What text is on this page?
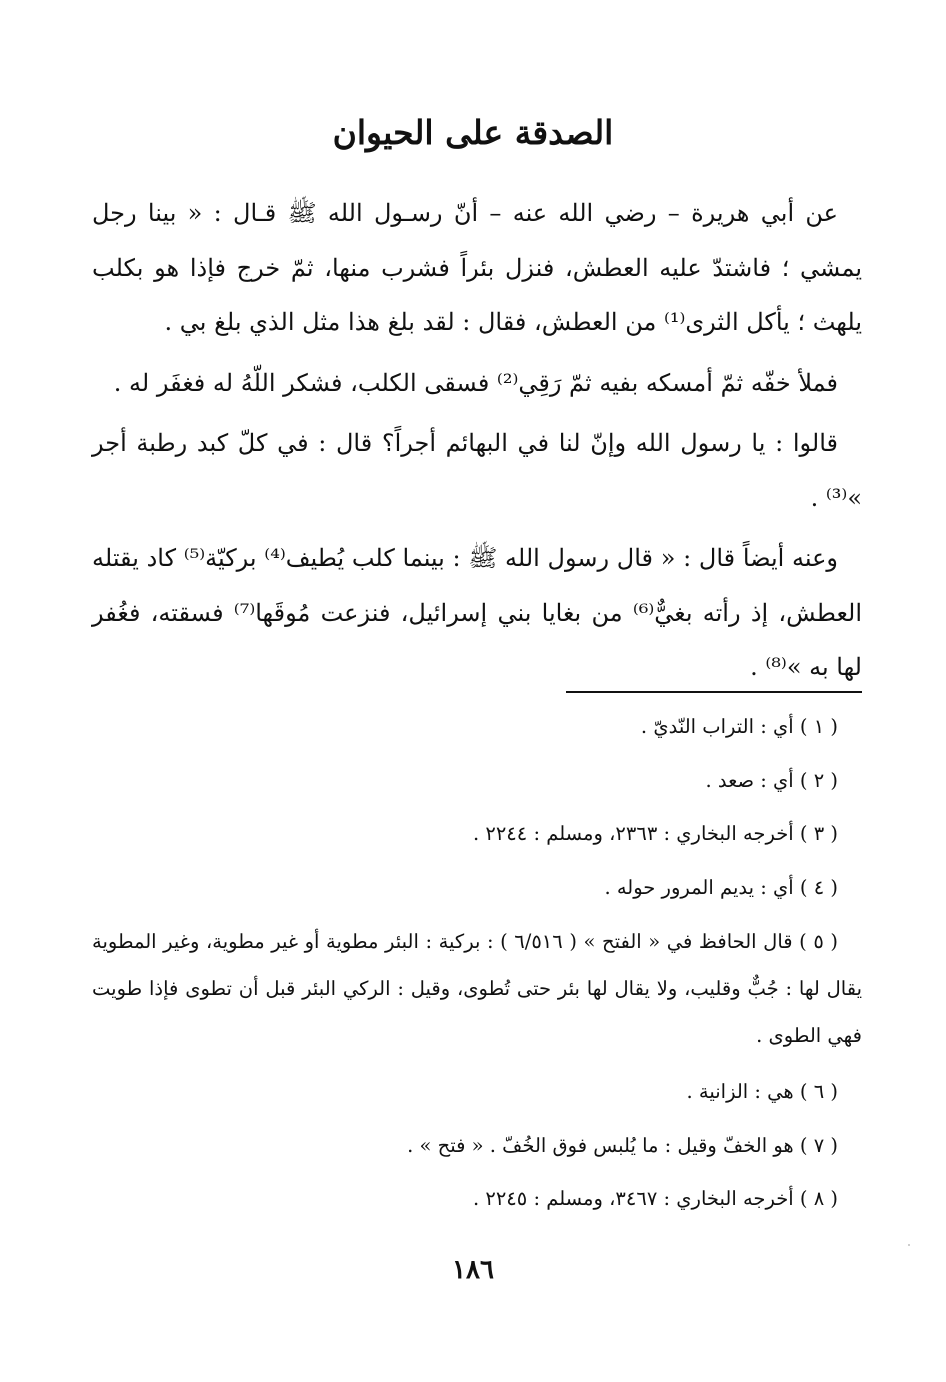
الصدقة على الحيوان

عن أبي هريرة – رضي الله عنه – أنّ رسـول الله ﷺ قـال : « بينا رجل يمشي ؛ فاشتدّ عليه العطش، فنزل بئراً فشرب منها، ثمّ خرج فإذا هو بكلب يلهث ؛ يأكل الثرى⁽¹⁾ من العطش، فقال : لقد بلغ هذا مثل الذي بلغ بي .

فملأ خفّه ثمّ أمسكه بفيه ثمّ رَقِي⁽²⁾ فسقى الكلب، فشكر اللّهُ له فغفَر له .

قالوا : يا رسول الله وإنّ لنا في البهائم أجراً؟ قال : في كلّ كبد رطبة أجر »⁽³⁾ .

وعنه أيضاً قال : « قال رسول الله ﷺ : بينما كلب يُطيف⁽⁴⁾ بركيّة⁽⁵⁾ كاد يقتله العطش، إذ رأته بغيٌّ⁽⁶⁾ من بغايا بني إسرائيل، فنزعت مُوقَها⁽⁷⁾ فسقته، فغُفر لها به »⁽⁸⁾ .

( ١ ) أي : التراب النّديّ .

( ٢ ) أي : صعد .

( ٣ ) أخرجه البخاري : ٢٣٦٣، ومسلم : ٢٢٤٤ .

( ٤ ) أي : يديم المرور حوله .

( ٥ ) قال الحافظ في « الفتح » ( ٦/٥١٦ ) : بركية : البئر مطوية أو غير مطوية، وغير المطوية يقال لها : جُبٌّ وقليب، ولا يقال لها بئر حتى تُطوى، وقيل : الركي البئر قبل أن تطوى فإذا طويت فهي الطوى .

( ٦ ) هي : الزانية .

( ٧ ) هو الخفّ وقيل : ما يُلبس فوق الخُفّ . « فتح » .

( ٨ ) أخرجه البخاري : ٣٤٦٧، ومسلم : ٢٢٤٥ .

١٨٦
